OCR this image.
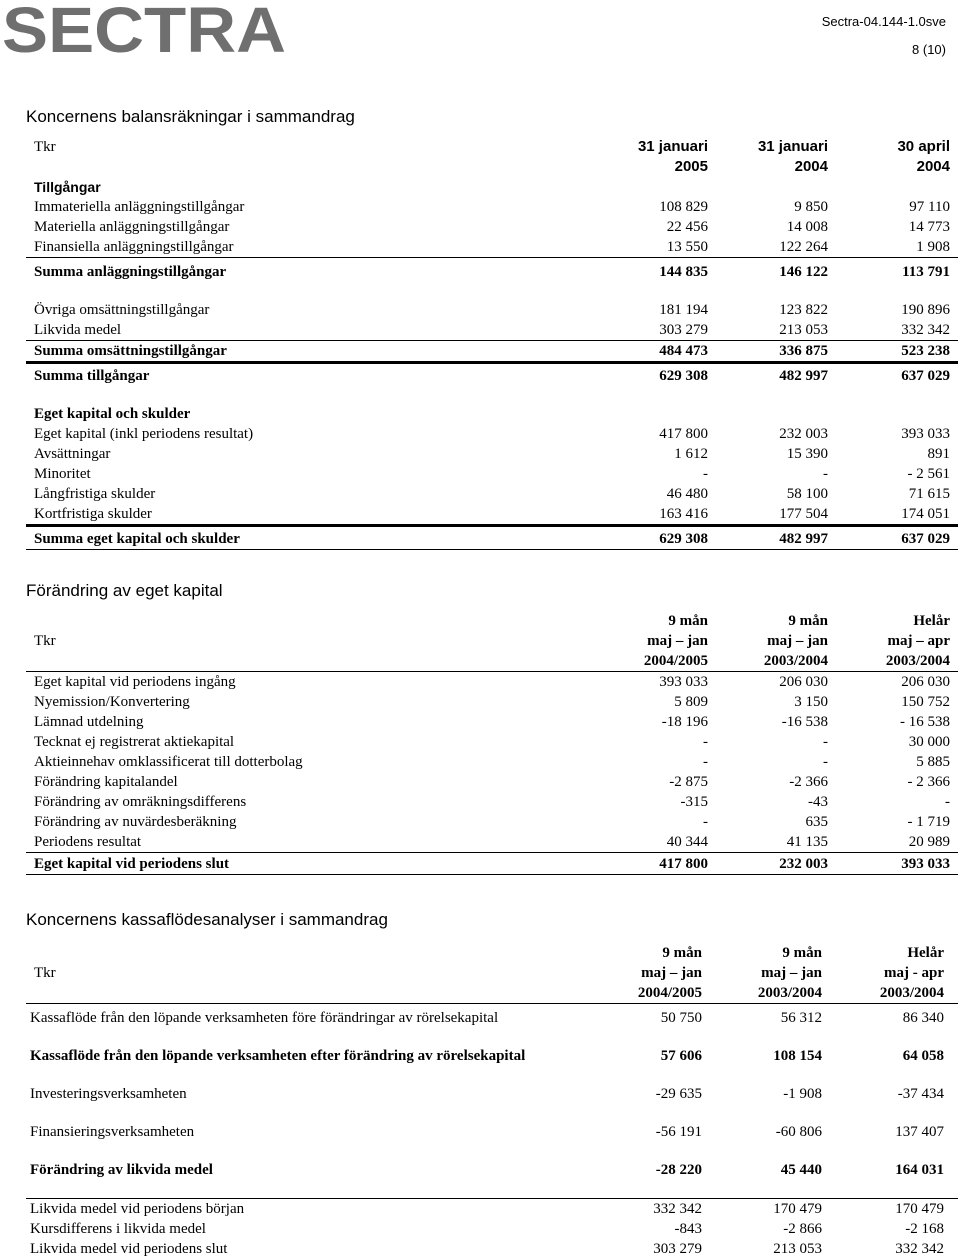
SECTRA	Sectra-04.144-1.0sve
8 (10)
Koncernens balansräkningar i sammandrag
Tkr	31 januari	31 januari	30 april
	2005	2004	2004
Tillgångar			
Immateriella anläggningstillgångar	108 829	9 850	97 110
Materiella anläggningstillgångar	22 456	14 008	14 773
Finansiella anläggningstillgångar	13 550	122 264	1 908
Summa anläggningstillgångar	144 835	146 122	113 791

Övriga omsättningstillgångar	181 194	123 822	190 896
Likvida medel	303 279	213 053	332 342
Summa omsättningstillgångar	484 473	336 875	523 238
Summa tillgångar	629 308	482 997	637 029

Eget kapital och skulder			
Eget kapital (inkl periodens resultat)	417 800	232 003	393 033
Avsättningar	1 612	15 390	891
Minoritet	-	-	- 2 561
Långfristiga skulder	46 480	58 100	71 615
Kortfristiga skulder	163 416	177 504	174 051
Summa eget kapital och skulder	629 308	482 997	637 029
Förändring av eget kapital
	9 mån	9 mån	Helår
Tkr	maj – jan	maj – jan	maj – apr
	2004/2005	2003/2004	2003/2004
Eget kapital vid periodens ingång	393 033	206 030	206 030
Nyemission/Konvertering	5 809	3 150	150 752
Lämnad utdelning	-18 196	-16 538	- 16 538
Tecknat ej registrerat aktiekapital	-	-	30 000
Aktieinnehav omklassificerat till dotterbolag	-	-	5 885
Förändring kapitalandel	-2 875	-2 366	- 2 366
Förändring av omräkningsdifferens	-315	-43	-
Förändring av nuvärdesberäkning	-	635	- 1 719
Periodens resultat	40 344	41 135	20 989
Eget kapital vid periodens slut	417 800	232 003	393 033
Koncernens kassaflödesanalyser i sammandrag
	9 mån	9 mån	Helår
Tkr	maj – jan	maj – jan	maj - apr
	2004/2005	2003/2004	2003/2004
Kassaflöde från den löpande verksamheten före förändringar av rörelsekapital	50 750	56 312	86 340

Kassaflöde från den löpande verksamheten efter förändring av rörelsekapital	57 606	108 154	64 058

Investeringsverksamheten	-29 635	-1 908	-37 434

Finansieringsverksamheten	-56 191	-60 806	137 407

Förändring av likvida medel	-28 220	45 440	164 031

Likvida medel vid periodens början	332 342	170 479	170 479
Kursdifferens i likvida medel	-843	-2 866	-2 168
Likvida medel vid periodens slut	303 279	213 053	332 342
